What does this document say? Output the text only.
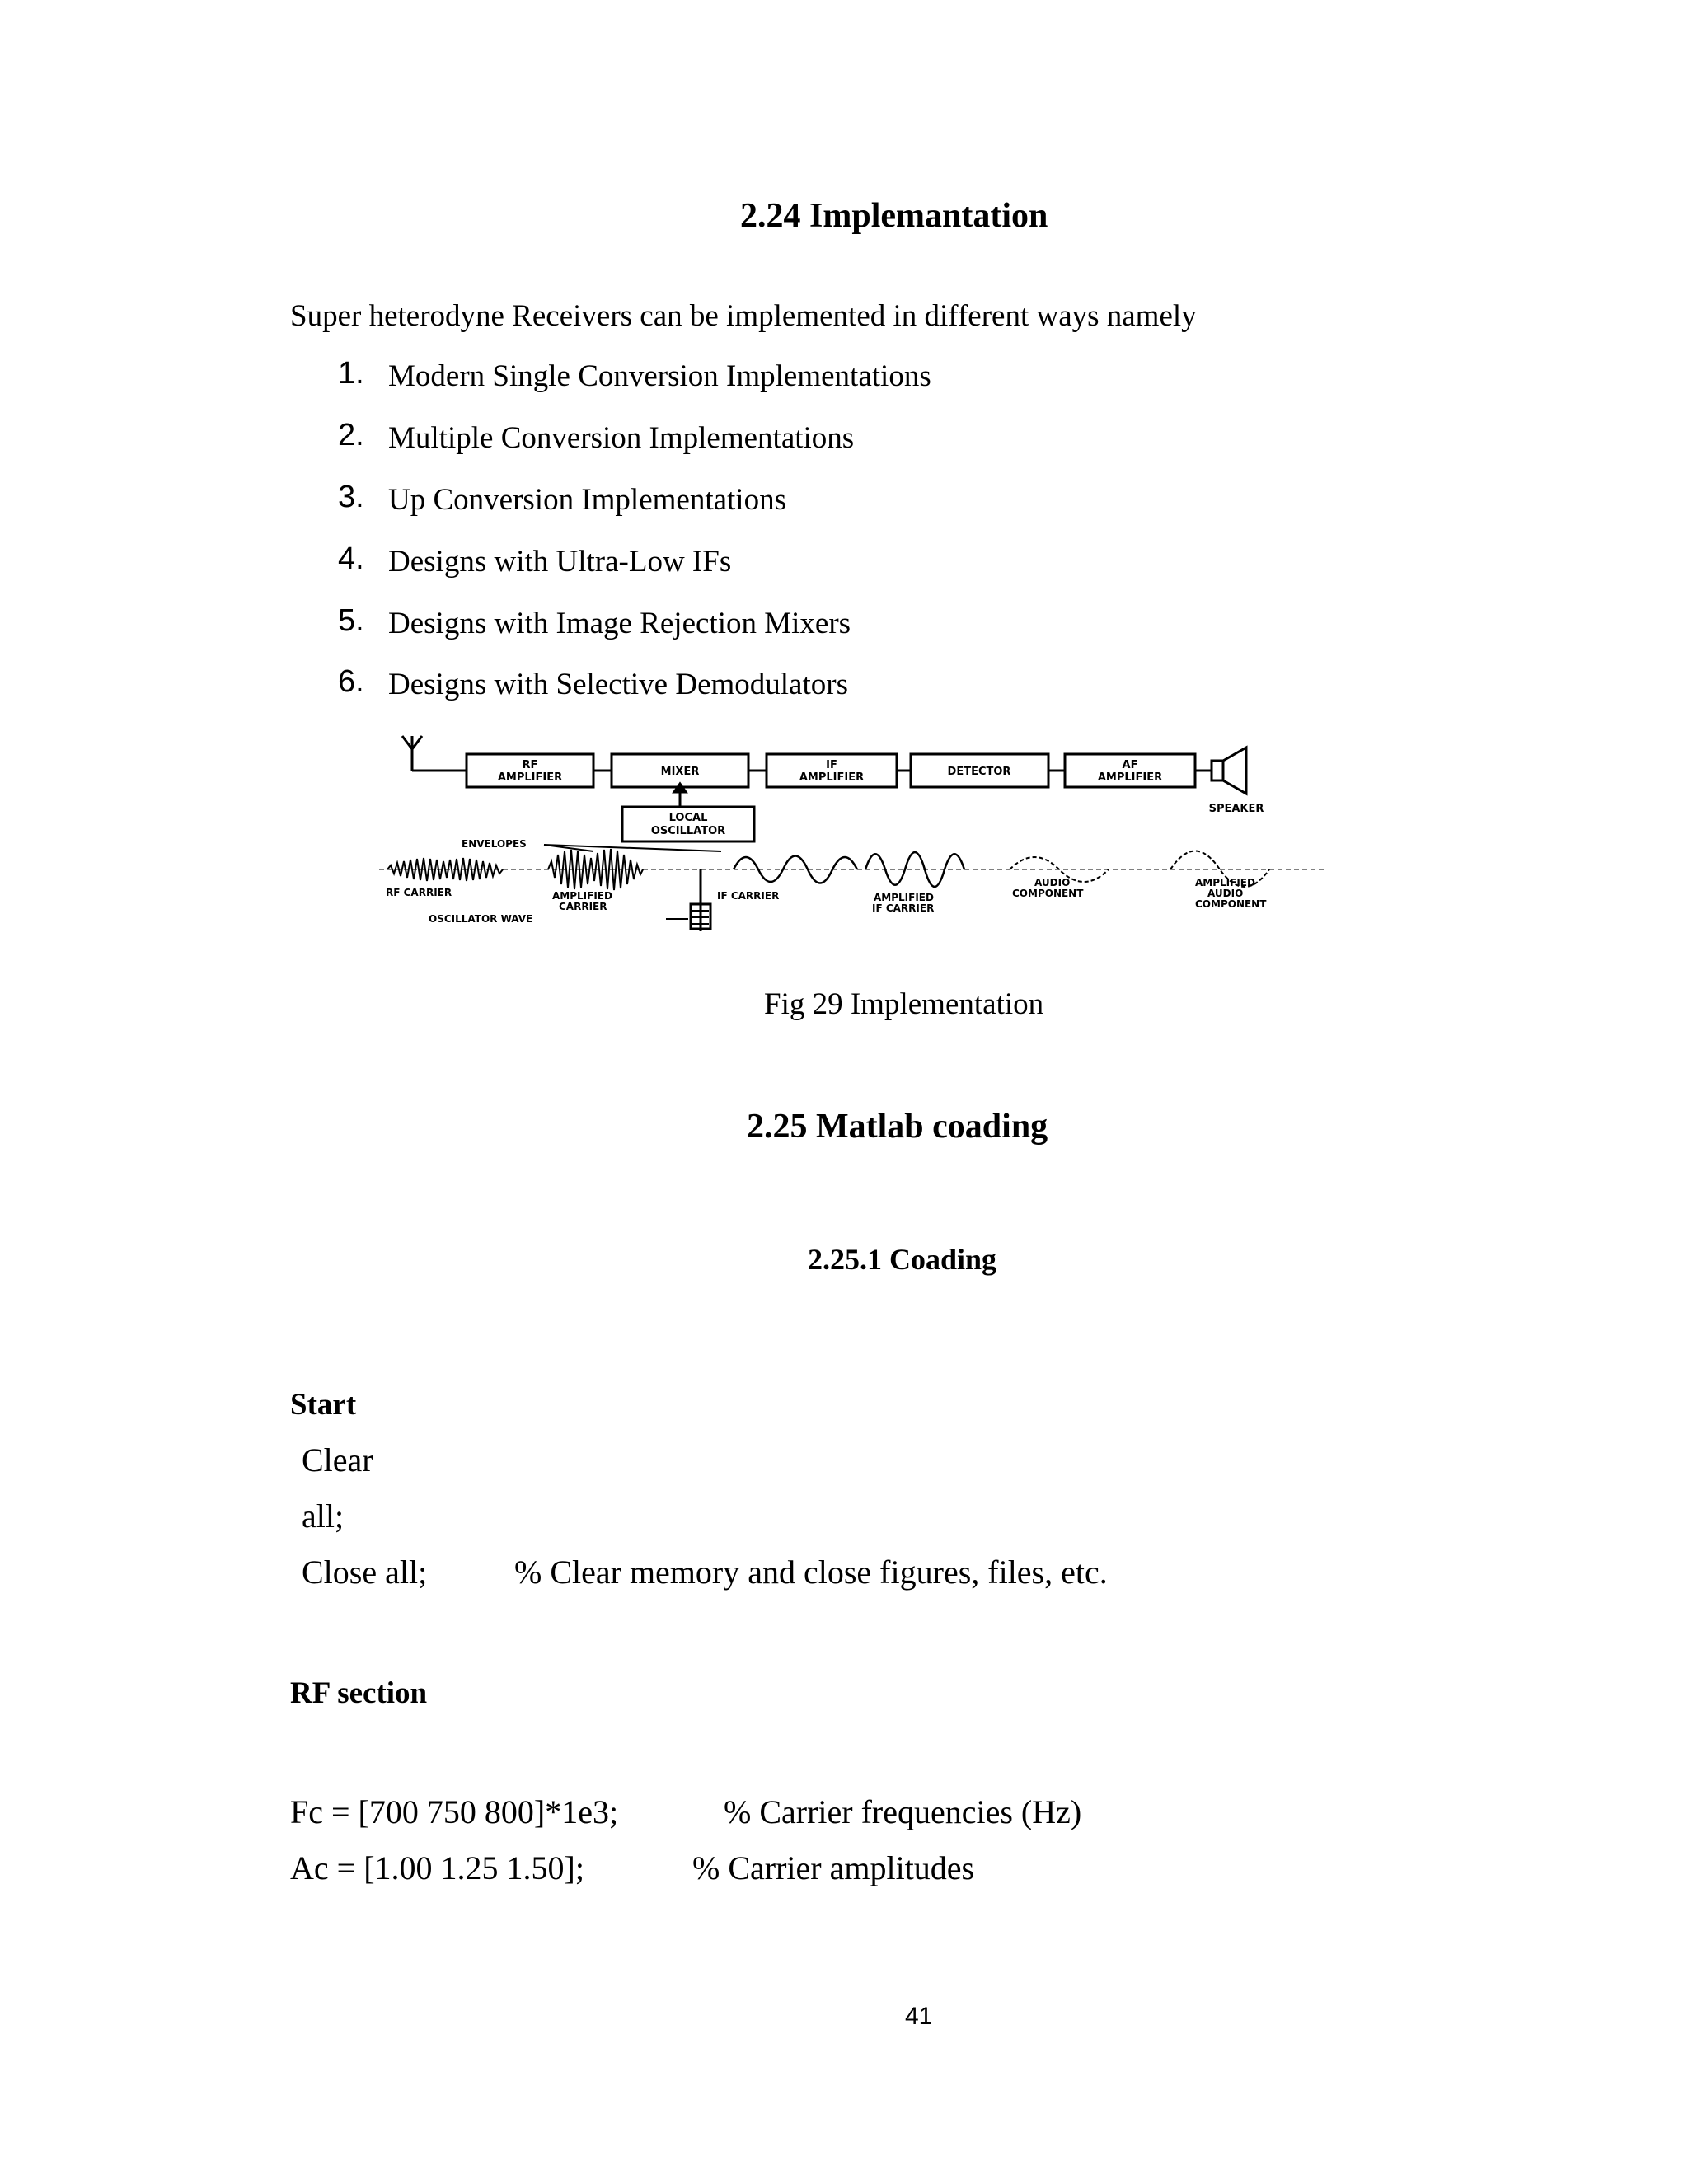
2.24 Implemantation
Super heterodyne Receivers can be implemented in different ways namely
1. Modern Single Conversion Implementations
2. Multiple Conversion Implementations
3. Up Conversion Implementations
4. Designs with Ultra-Low IFs
5. Designs with Image Rejection Mixers
6. Designs with Selective Demodulators
RF
AMPLIFIER	MIXER
IF
AMPLIFIER	DETECTOR
AF
AMPLIFIER
LOCAL
OSCILLATOR
SPEAKER
ENVELOPES
RF CARRIER	AMPLIFIED
CARRIER
IF CARRIER	AMPLIFIED
IF CARRIER
AUDIO
COMPONENT
AMPLIFIED
AUDIO
COMPONENT
OSCILLATOR WAVE
Fig 29 Implementation
2.25 Matlab coading
2.25.1 Coading
Start
Clear
all;
Close all;	% Clear memory and close figures, files, etc.
RF section
Fc = [700 750 800]*1e3;	% Carrier frequencies (Hz)
Ac = [1.00 1.25 1.50];	% Carrier amplitudes
41
